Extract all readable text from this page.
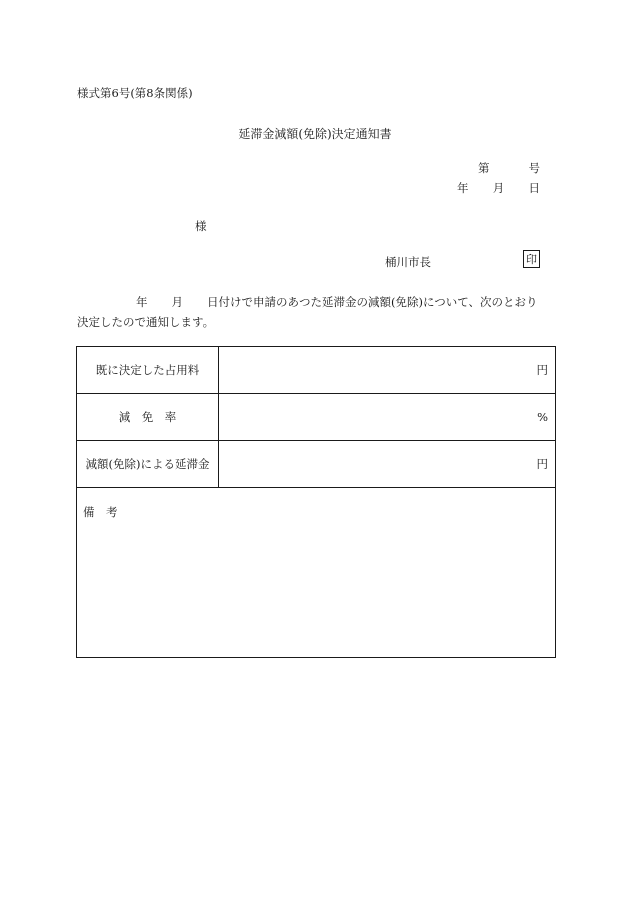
様式第6号(第8条関係)
延滞金減額(免除)決定通知書
第	号
年 月 日
様
桶川市長	印
年 月 日付けで申請のあつた延滞金の減額(免除)について、次のとおり
決定したので通知します。
既に決定した占用料	円
減　免　率	%
減額(免除)による延滞金	円
備　考	
